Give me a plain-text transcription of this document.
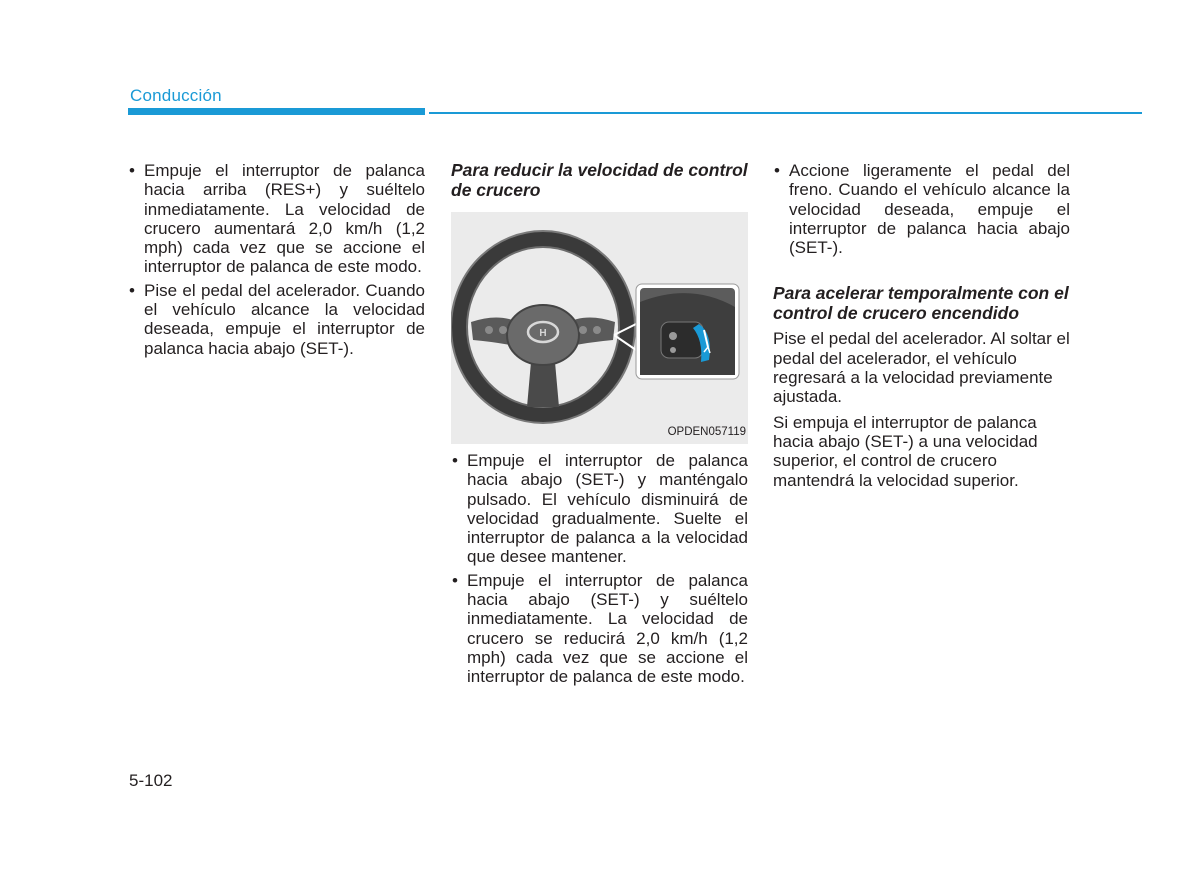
Conducción
• Empuje el interruptor de palanca hacia arriba (RES+) y suéltelo inmediatamente. La velocidad de crucero aumentará 2,0 km/h (1,2 mph) cada vez que se accione el interruptor de palanca de este modo.
• Pise el pedal del acelerador. Cuando el vehículo alcance la velocidad deseada, empuje el interruptor de palanca hacia abajo (SET-).

Para reducir la velocidad de control de crucero

H
OPDEN057119
• Empuje el interruptor de palanca hacia abajo (SET-) y manténgalo pulsado. El vehículo disminuirá de velocidad gradualmente. Suelte el interruptor de palanca a la velocidad que desee mantener.
• Empuje el interruptor de palanca hacia abajo (SET-) y suéltelo inmediatamente. La velocidad de crucero se reducirá 2,0 km/h (1,2 mph) cada vez que se accione el interruptor de palanca de este modo.
• Accione ligeramente el pedal del freno. Cuando el vehículo alcance la velocidad deseada, empuje el interruptor de palanca hacia abajo (SET-).

Para acelerar temporalmente con el control de crucero encendido

Pise el pedal del acelerador. Al soltar el pedal del acelerador, el vehículo regresará a la velocidad previamente ajustada.

Si empuja el interruptor de palanca hacia abajo (SET-) a una velocidad superior, el control de crucero mantendrá la velocidad superior.

5-102
